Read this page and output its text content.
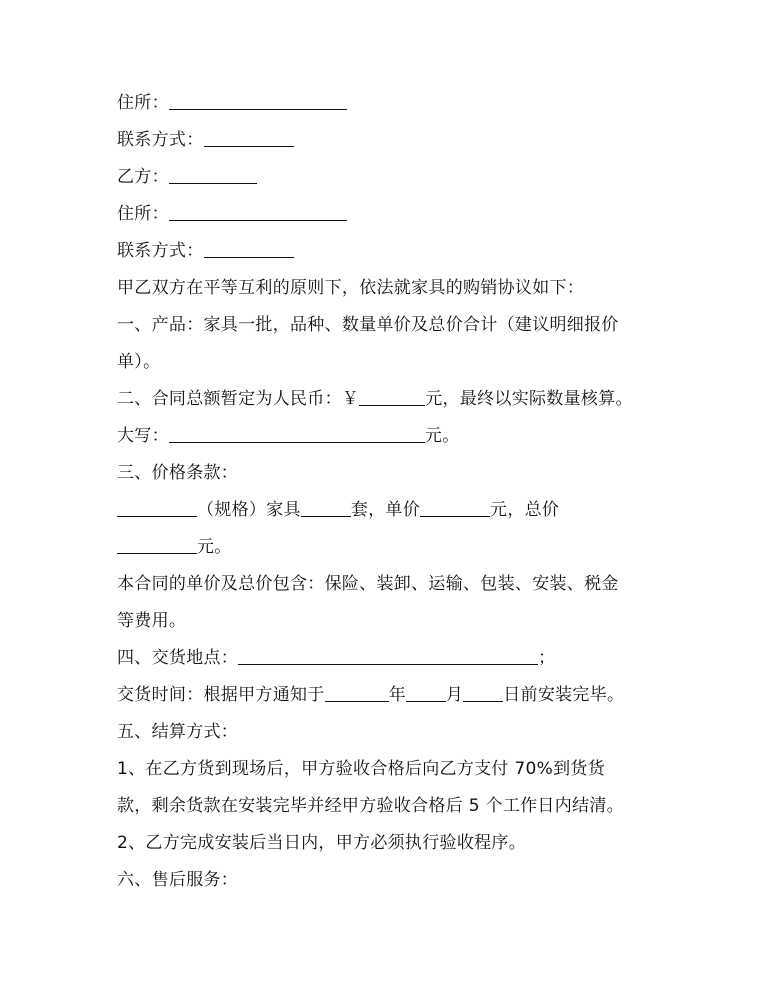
住所：
联系方式：
乙方：
住所：
联系方式：
甲乙双方在平等互利的原则下，依法就家具的购销协议如下：
一、产品：家具一批，品种、数量单价及总价合计（建议明细报价
单）。
二、合同总额暂定为人民币：￥	元，最终以实际数量核算。
大写：	元。
三、价格条款：
（规格）家具	套，单价	元，总价
元。
本合同的单价及总价包含：保险、装卸、运输、包装、安装、税金
等费用。
四、交货地点：	；
交货时间：根据甲方通知于	年 月 日前安装完毕。
五、结算方式：
1、在乙方货到现场后，甲方验收合格后向乙方支付 70%到货货
款，剩余货款在安装完毕并经甲方验收合格后 5 个工作日内结清。
2、乙方完成安装后当日内，甲方必须执行验收程序。
六、售后服务：
